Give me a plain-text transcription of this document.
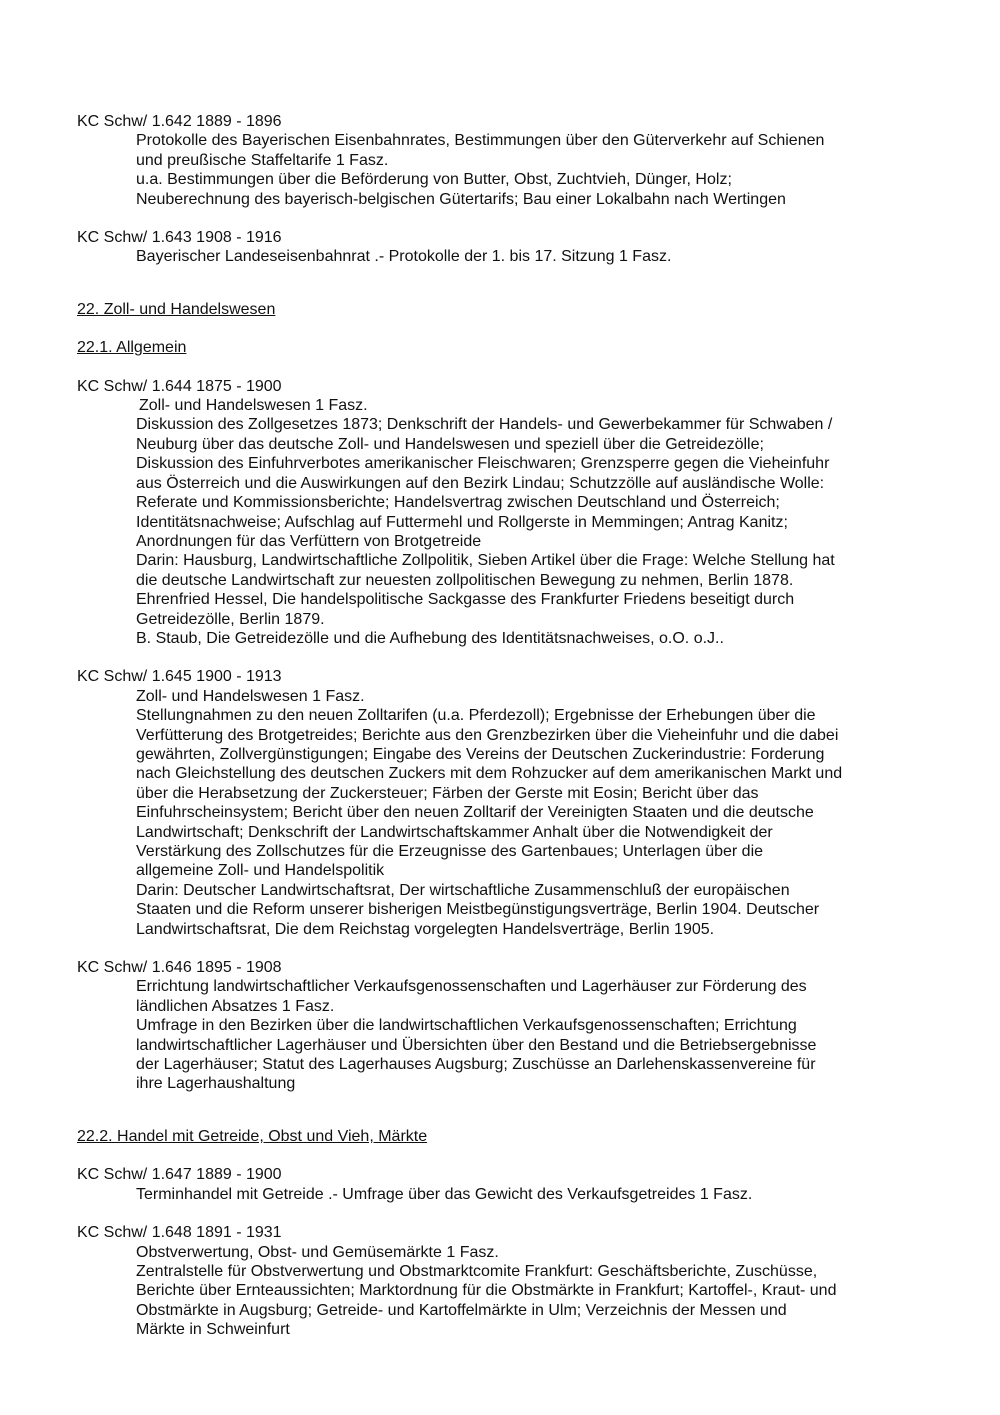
KC Schw/ 1.642 1889 - 1896
Protokolle des Bayerischen Eisenbahnrates, Bestimmungen über den Güterverkehr auf Schienen
und preußische Staffeltarife 1 Fasz.
u.a. Bestimmungen über die Beförderung von Butter, Obst, Zuchtvieh, Dünger, Holz;
Neuberechnung des bayerisch-belgischen Gütertarifs; Bau einer Lokalbahn nach Wertingen
KC Schw/ 1.643 1908 - 1916
Bayerischer Landeseisenbahnrat .- Protokolle der 1. bis 17. Sitzung 1 Fasz.
22. Zoll- und Handelswesen
22.1. Allgemein
KC Schw/ 1.644 1875 - 1900
Zoll- und Handelswesen 1 Fasz.
Diskussion des Zollgesetzes 1873; Denkschrift der Handels- und Gewerbekammer für Schwaben /
Neuburg über das deutsche Zoll- und Handelswesen und speziell über die Getreidezölle;
Diskussion des Einfuhrverbotes amerikanischer Fleischwaren; Grenzsperre gegen die Vieheinfuhr
aus Österreich und die Auswirkungen auf den Bezirk Lindau; Schutzzölle auf ausländische Wolle:
Referate und Kommissionsberichte; Handelsvertrag zwischen Deutschland und Österreich;
Identitätsnachweise; Aufschlag auf Futtermehl und Rollgerste in Memmingen; Antrag Kanitz;
Anordnungen für das Verfüttern von Brotgetreide
Darin: Hausburg, Landwirtschaftliche Zollpolitik, Sieben Artikel über die Frage: Welche Stellung hat
die deutsche Landwirtschaft zur neuesten zollpolitischen Bewegung zu nehmen, Berlin 1878.
Ehrenfried Hessel, Die handelspolitische Sackgasse des Frankfurter Friedens beseitigt durch
Getreidezölle, Berlin 1879.
B. Staub, Die Getreidezölle und die Aufhebung des Identitätsnachweises, o.O. o.J..
KC Schw/ 1.645 1900 - 1913
Zoll- und Handelswesen 1 Fasz.
Stellungnahmen zu den neuen Zolltarifen (u.a. Pferdezoll); Ergebnisse der Erhebungen über die
Verfütterung des Brotgetreides; Berichte aus den Grenzbezirken über die Vieheinfuhr und die dabei
gewährten, Zollvergünstigungen; Eingabe des Vereins der Deutschen Zuckerindustrie: Forderung
nach Gleichstellung des deutschen Zuckers mit dem Rohzucker auf dem amerikanischen Markt und
über die Herabsetzung der Zuckersteuer; Färben der Gerste mit Eosin; Bericht über das
Einfuhrscheinsystem; Bericht über den neuen Zolltarif der Vereinigten Staaten und die deutsche
Landwirtschaft; Denkschrift der Landwirtschaftskammer Anhalt über die Notwendigkeit der
Verstärkung des Zollschutzes für die Erzeugnisse des Gartenbaues; Unterlagen über die
allgemeine Zoll- und Handelspolitik
Darin: Deutscher Landwirtschaftsrat, Der wirtschaftliche Zusammenschluß der europäischen
Staaten und die Reform unserer bisherigen Meistbegünstigungsverträge, Berlin 1904. Deutscher
Landwirtschaftsrat, Die dem Reichstag vorgelegten Handelsverträge, Berlin 1905.
KC Schw/ 1.646 1895 - 1908
Errichtung landwirtschaftlicher Verkaufsgenossenschaften und Lagerhäuser zur Förderung des
ländlichen Absatzes 1 Fasz.
Umfrage in den Bezirken über die landwirtschaftlichen Verkaufsgenossenschaften; Errichtung
landwirtschaftlicher Lagerhäuser und Übersichten über den Bestand und die Betriebsergebnisse
der Lagerhäuser; Statut des Lagerhauses Augsburg; Zuschüsse an Darlehenskassenvereine für
ihre Lagerhaushaltung
22.2. Handel mit Getreide, Obst und Vieh, Märkte
KC Schw/ 1.647 1889 - 1900
Terminhandel mit Getreide .- Umfrage über das Gewicht des Verkaufsgetreides 1 Fasz.
KC Schw/ 1.648 1891 - 1931
Obstverwertung, Obst- und Gemüsemärkte 1 Fasz.
Zentralstelle für Obstverwertung und Obstmarktcomite Frankfurt: Geschäftsberichte, Zuschüsse,
Berichte über Ernteaussichten; Marktordnung für die Obstmärkte in Frankfurt; Kartoffel-, Kraut- und
Obstmärkte in Augsburg; Getreide- und Kartoffelmärkte in Ulm; Verzeichnis der Messen und
Märkte in Schweinfurt
